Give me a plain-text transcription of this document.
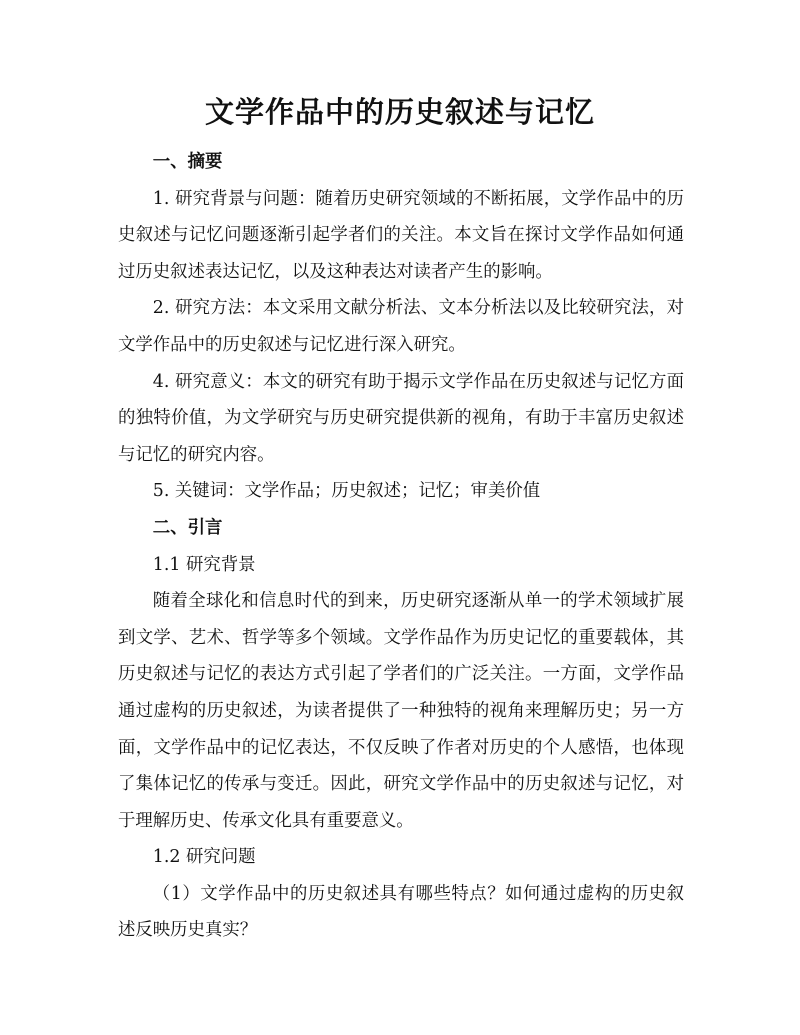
文学作品中的历史叙述与记忆

一、摘要

1. 研究背景与问题：随着历史研究领域的不断拓展，文学作品中的历史叙述与记忆问题逐渐引起学者们的关注。本文旨在探讨文学作品如何通过历史叙述表达记忆，以及这种表达对读者产生的影响。

2. 研究方法：本文采用文献分析法、文本分析法以及比较研究法，对文学作品中的历史叙述与记忆进行深入研究。

4. 研究意义：本文的研究有助于揭示文学作品在历史叙述与记忆方面的独特价值，为文学研究与历史研究提供新的视角，有助于丰富历史叙述与记忆的研究内容。

5. 关键词：文学作品；历史叙述；记忆；审美价值

二、引言

1.1 研究背景

随着全球化和信息时代的到来，历史研究逐渐从单一的学术领域扩展到文学、艺术、哲学等多个领域。文学作品作为历史记忆的重要载体，其历史叙述与记忆的表达方式引起了学者们的广泛关注。一方面，文学作品通过虚构的历史叙述，为读者提供了一种独特的视角来理解历史；另一方面，文学作品中的记忆表达，不仅反映了作者对历史的个人感悟，也体现了集体记忆的传承与变迁。因此，研究文学作品中的历史叙述与记忆，对于理解历史、传承文化具有重要意义。

1.2 研究问题

（1）文学作品中的历史叙述具有哪些特点？如何通过虚构的历史叙述反映历史真实？
